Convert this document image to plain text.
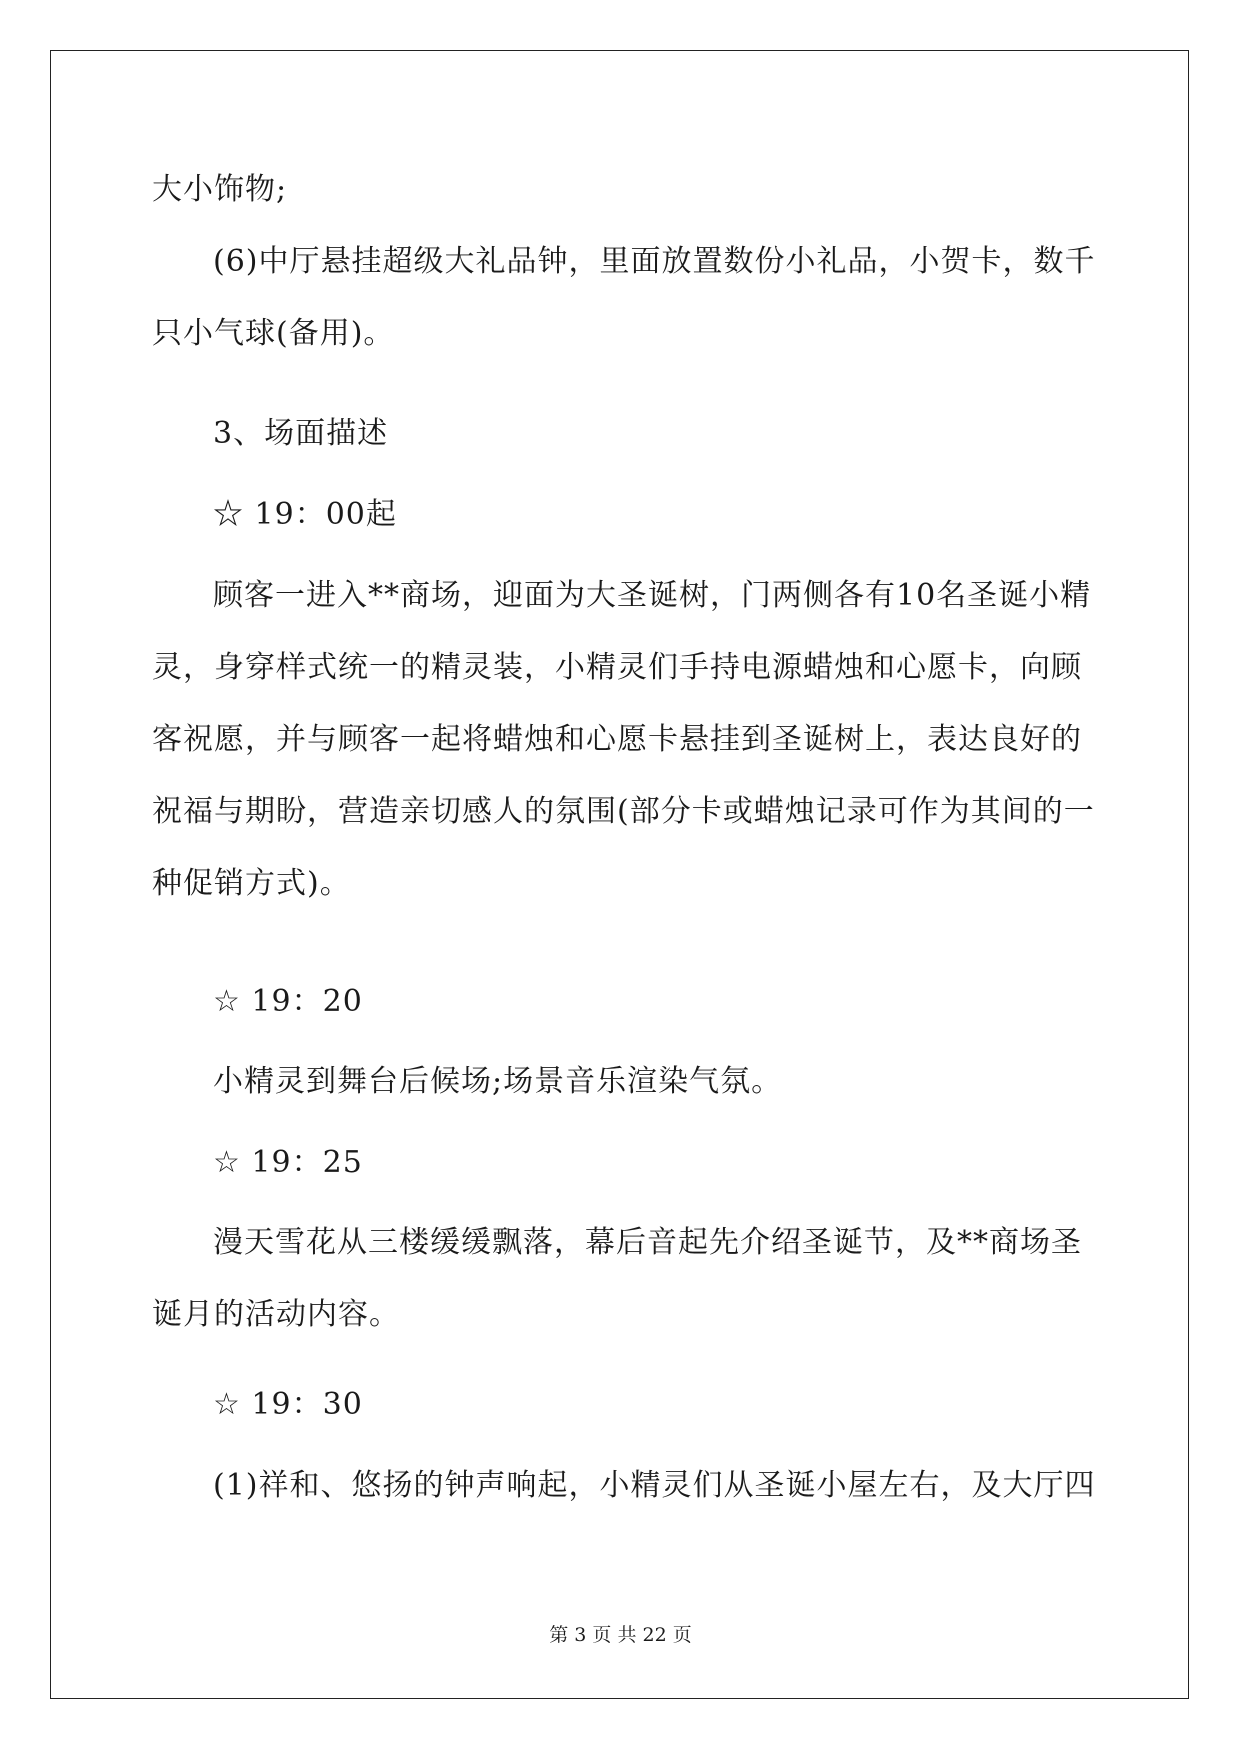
大小饰物;
(6)中厅悬挂超级大礼品钟，里面放置数份小礼品，小贺卡，数千
只小气球(备用)。
3、场面描述
☆ 19：00起
顾客一进入**商场，迎面为大圣诞树，门两侧各有10名圣诞小精
灵，身穿样式统一的精灵装，小精灵们手持电源蜡烛和心愿卡，向顾
客祝愿，并与顾客一起将蜡烛和心愿卡悬挂到圣诞树上，表达良好的
祝福与期盼，营造亲切感人的氛围(部分卡或蜡烛记录可作为其间的一
种促销方式)。
☆ 19：20
小精灵到舞台后候场;场景音乐渲染气氛。
☆ 19：25
漫天雪花从三楼缓缓飘落，幕后音起先介绍圣诞节，及**商场圣
诞月的活动内容。
☆ 19：30
(1)祥和、悠扬的钟声响起，小精灵们从圣诞小屋左右，及大厅四
第 3 页 共 22 页
